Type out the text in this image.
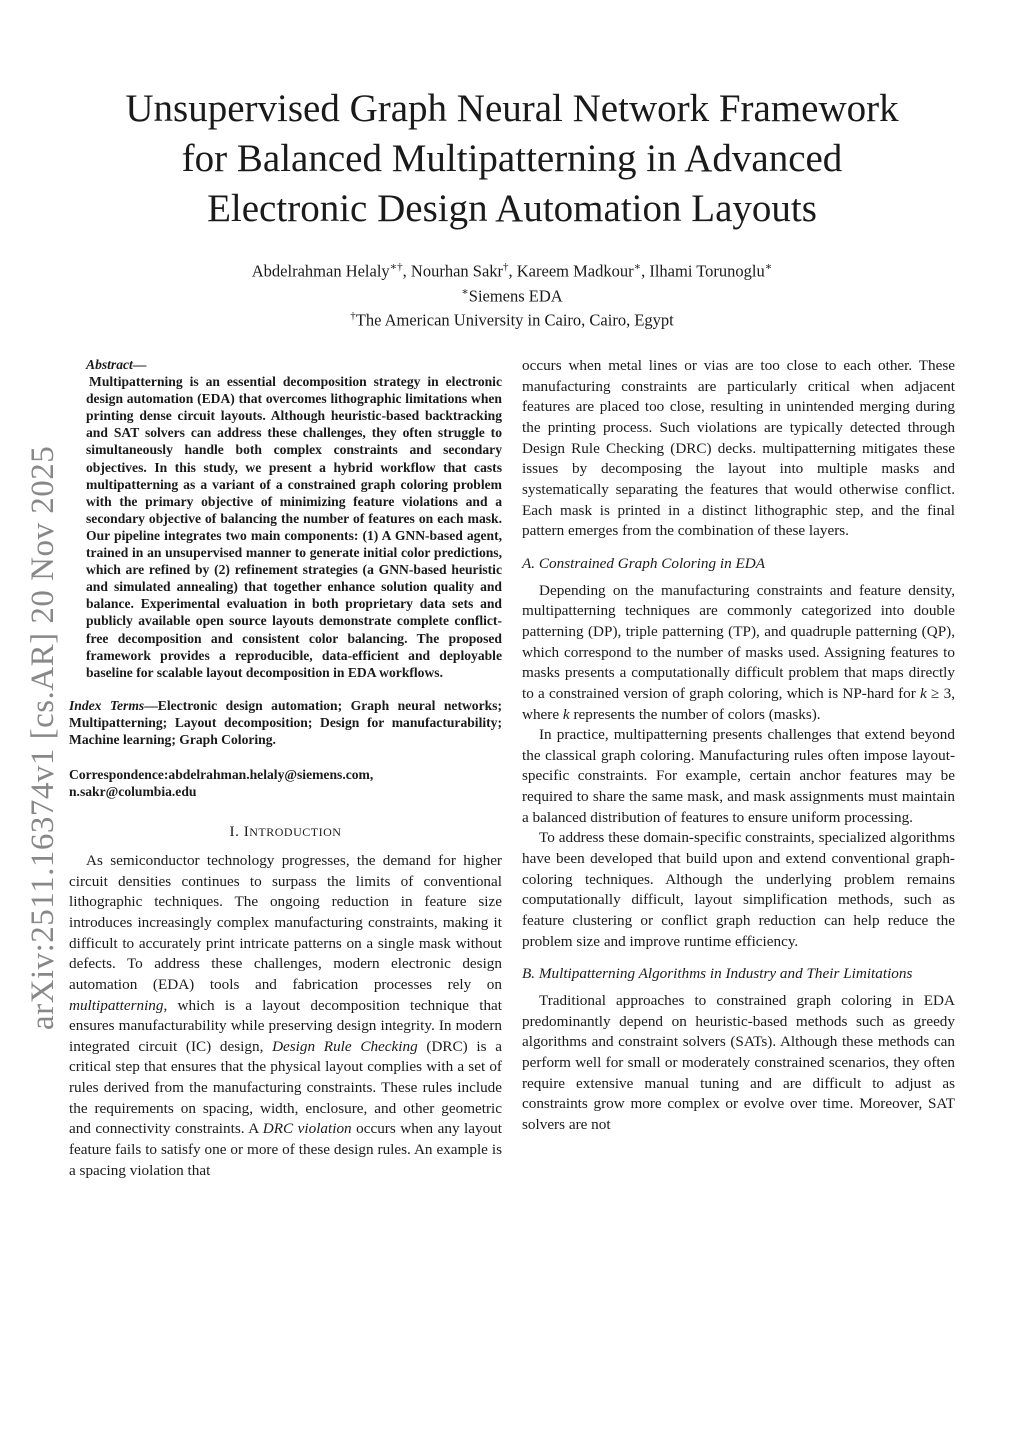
arXiv:2511.16374v1 [cs.AR] 20 Nov 2025
Unsupervised Graph Neural Network Framework
for Balanced Multipatterning in Advanced
Electronic Design Automation Layouts
Abdelrahman Helaly∗†, Nourhan Sakr†, Kareem Madkour∗, Ilhami Torunoglu∗
∗Siemens EDA
†The American University in Cairo, Cairo, Egypt
Abstract—

Multipatterning is an essential decomposition strategy in electronic design automation (EDA) that overcomes lithographic limitations when printing dense circuit layouts. Although heuristic-based backtracking and SAT solvers can address these challenges, they often struggle to simultaneously handle both complex constraints and secondary objectives. In this study, we present a hybrid workflow that casts multipatterning as a variant of a constrained graph coloring problem with the primary objective of minimizing feature violations and a secondary objective of balancing the number of features on each mask. Our pipeline integrates two main components: (1) A GNN-based agent, trained in an unsupervised manner to generate initial color predictions, which are refined by (2) refinement strategies (a GNN-based heuristic and simulated annealing) that together enhance solution quality and balance. Experimental evaluation in both proprietary data sets and publicly available open source layouts demonstrate complete conflict-free decomposition and consistent color balancing. The proposed framework provides a reproducible, data-efficient and deployable baseline for scalable layout decomposition in EDA workflows.

Index Terms—Electronic design automation; Graph neural networks; Multipatterning; Layout decomposition; Design for manufacturability; Machine learning; Graph Coloring.

Correspondence:abdelrahman.helaly@siemens.com,
n.sakr@columbia.edu
I. INTRODUCTION

As semiconductor technology progresses, the demand for higher circuit densities continues to surpass the limits of conventional lithographic techniques. The ongoing reduction in feature size introduces increasingly complex manufacturing constraints, making it difficult to accurately print intricate patterns on a single mask without defects. To address these challenges, modern electronic design automation (EDA) tools and fabrication processes rely on multipatterning, which is a layout decomposition technique that ensures manufacturability while preserving design integrity. In modern integrated circuit (IC) design, Design Rule Checking (DRC) is a critical step that ensures that the physical layout complies with a set of rules derived from the manufacturing constraints. These rules include the requirements on spacing, width, enclosure, and other geometric and connectivity constraints. A DRC violation occurs when any layout feature fails to satisfy one or more of these design rules. An example is a spacing violation that

occurs when metal lines or vias are too close to each other. These manufacturing constraints are particularly critical when adjacent features are placed too close, resulting in unintended merging during the printing process. Such violations are typically detected through Design Rule Checking (DRC) decks. multipatterning mitigates these issues by decomposing the layout into multiple masks and systematically separating the features that would otherwise conflict. Each mask is printed in a distinct lithographic step, and the final pattern emerges from the combination of these layers.

A. Constrained Graph Coloring in EDA

Depending on the manufacturing constraints and feature density, multipatterning techniques are commonly categorized into double patterning (DP), triple patterning (TP), and quadruple patterning (QP), which correspond to the number of masks used. Assigning features to masks presents a computationally difficult problem that maps directly to a constrained version of graph coloring, which is NP-hard for k ≥ 3, where k represents the number of colors (masks).

In practice, multipatterning presents challenges that extend beyond the classical graph coloring. Manufacturing rules often impose layout-specific constraints. For example, certain anchor features may be required to share the same mask, and mask assignments must maintain a balanced distribution of features to ensure uniform processing.

To address these domain-specific constraints, specialized algorithms have been developed that build upon and extend conventional graph-coloring techniques. Although the underlying problem remains computationally difficult, layout simplification methods, such as feature clustering or conflict graph reduction can help reduce the problem size and improve runtime efficiency.

B. Multipatterning Algorithms in Industry and Their Limitations

Traditional approaches to constrained graph coloring in EDA predominantly depend on heuristic-based methods such as greedy algorithms and constraint solvers (SATs). Although these methods can perform well for small or moderately constrained scenarios, they often require extensive manual tuning and are difficult to adjust as constraints grow more complex or evolve over time. Moreover, SAT solvers are not
